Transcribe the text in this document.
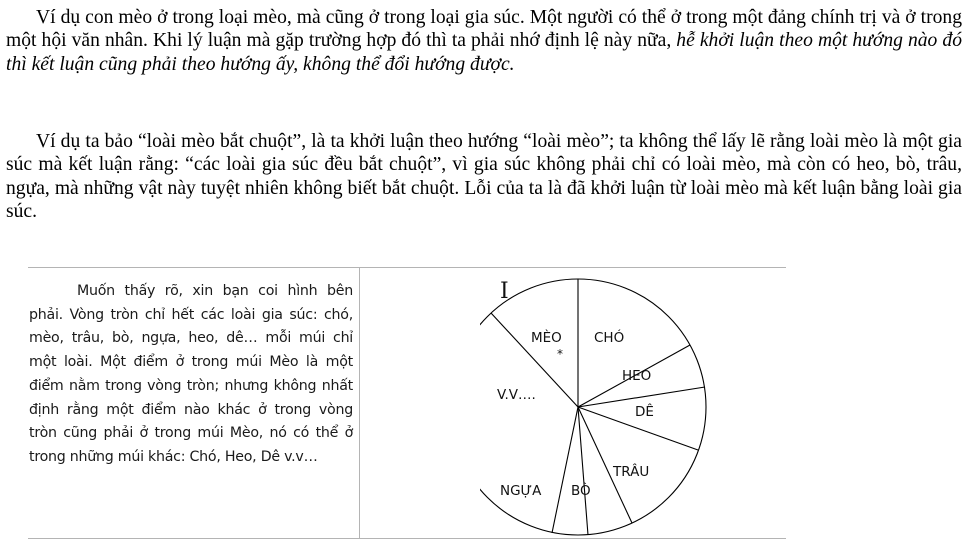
Ví dụ con mèo ở trong loại mèo, mà cũng ở trong loại gia súc. Một người có thể ở trong một đảng chính trị và ở trong một hội văn nhân. Khi lý luận mà gặp trường hợp đó thì ta phải nhớ định lệ này nữa, hễ khởi luận theo một hướng nào đó thì kết luận cũng phải theo hướng ấy, không thể đổi hướng được.

Ví dụ ta bảo “loài mèo bắt chuột”, là ta khởi luận theo hướng “loài mèo”; ta không thể lấy lẽ rằng loài mèo là một gia súc mà kết luận rằng: “các loài gia súc đều bắt chuột”, vì gia súc không phải chỉ có loài mèo, mà còn có heo, bò, trâu, ngựa, mà những vật này tuyệt nhiên không biết bắt chuột. Lỗi của ta là đã khởi luận từ loài mèo mà kết luận bằng loài gia súc.

Muốn thấy rõ, xin bạn coi hình bên phải. Vòng tròn chỉ hết các loài gia súc: chó, mèo, trâu, bò, ngựa, heo, dê… mỗi múi chỉ một loài. Một điểm ở trong múi Mèo là một điểm nằm trong vòng tròn; nhưng không nhất định rằng một điểm nào khác ở trong vòng tròn cũng phải ở trong múi Mèo, nó có thể ở trong những múi khác: Chó, Heo, Dê v.v…

I
MÈO
*
CHÓ
HEO
DÊ
TRÂU
BÒ
NGỰA
V.V….
